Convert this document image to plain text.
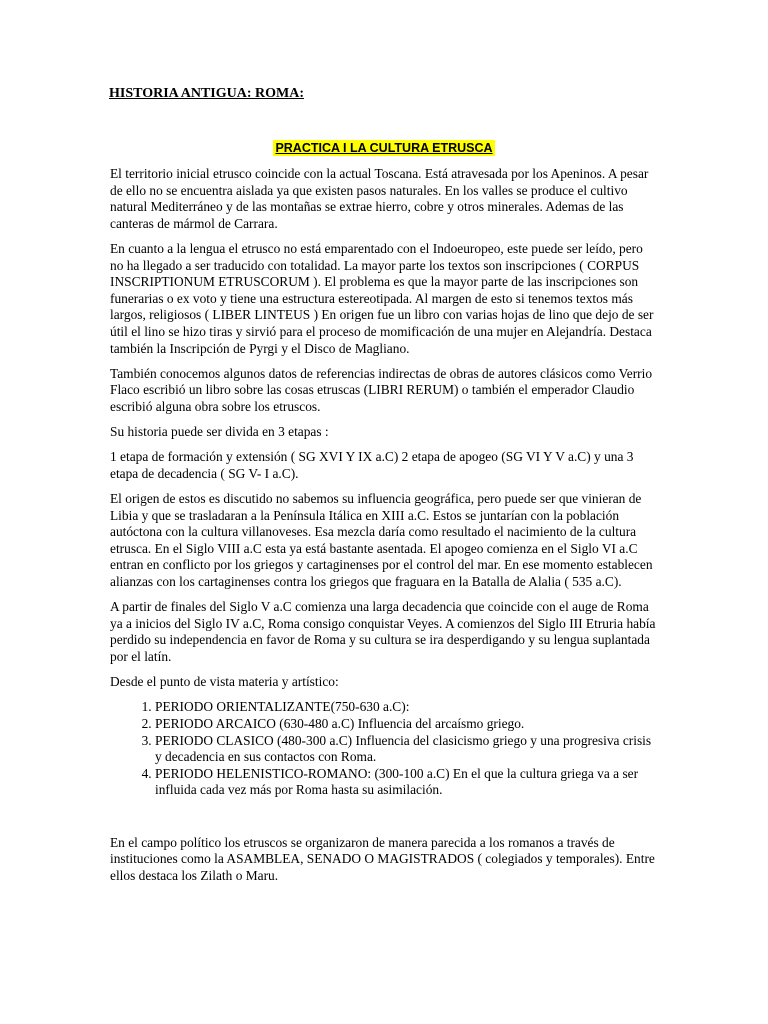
HISTORIA ANTIGUA: ROMA:
PRACTICA I LA CULTURA ETRUSCA

El territorio inicial etrusco coincide con la actual Toscana. Está atravesada por los Apeninos. A pesar de ello no se encuentra aislada ya que existen pasos naturales. En los valles se produce el cultivo natural Mediterráneo y de las montañas se extrae hierro, cobre y otros minerales. Ademas de las canteras de mármol de Carrara.

En cuanto a la lengua el etrusco no está emparentado con el Indoeuropeo, este puede ser leído, pero no ha llegado a ser traducido con totalidad. La mayor parte los textos son inscripciones ( CORPUS INSCRIPTIONUM ETRUSCORUM ). El problema es que la mayor parte de las inscripciones son funerarias o ex voto y tiene una estructura estereotipada. Al margen de esto si tenemos textos más largos, religiosos ( LIBER LINTEUS ) En origen fue un libro con varias hojas de lino que dejo de ser útil el lino se hizo tiras y sirvió para el proceso de momificación de una mujer en Alejandría. Destaca también la Inscripción de Pyrgi y el Disco de Magliano.

También conocemos algunos datos de referencias indirectas de obras de autores clásicos como Verrio Flaco escribió un libro sobre las cosas etruscas (LIBRI RERUM) o también el emperador Claudio escribió alguna obra sobre los etruscos.

Su historia puede ser divida en 3 etapas :

1 etapa de formación y extensión ( SG XVI Y IX a.C) 2 etapa de apogeo (SG VI Y V a.C) y una 3 etapa de decadencia ( SG V- I a.C).

El origen de estos es discutido no sabemos su influencia geográfica, pero puede ser que vinieran de Libia y que se trasladaran a la Península Itálica en XIII a.C. Estos se juntarían con la población autóctona con la cultura villanoveses. Esa mezcla daría como resultado el nacimiento de la cultura etrusca. En el Siglo VIII a.C esta ya está bastante asentada. El apogeo comienza en el Siglo VI a.C entran en conflicto por los griegos y cartaginenses por el control del mar. En ese momento establecen alianzas con los cartaginenses contra los griegos que fraguara en la Batalla de Alalia ( 535 a.C).

A partir de finales del Siglo V a.C comienza una larga decadencia que coincide con el auge de Roma ya a inicios del Siglo IV a.C, Roma consigo conquistar Veyes. A comienzos del Siglo III Etruria había perdido su independencia en favor de Roma y su cultura se ira desperdigando y su lengua suplantada por el latín.

Desde el punto de vista materia y artístico:

1. PERIODO ORIENTALIZANTE(750-630 a.C):
2. PERIODO ARCAICO (630-480 a.C) Influencia del arcaísmo griego.
3. PERIODO CLASICO (480-300 a.C) Influencia del clasicismo griego y una progresiva crisis y decadencia en sus contactos con Roma.
4. PERIODO HELENISTICO-ROMANO: (300-100 a.C) En el que la cultura griega va a ser influida cada vez más por Roma hasta su asimilación.

En el campo político los etruscos se organizaron de manera parecida a los romanos a través de instituciones como la ASAMBLEA, SENADO O MAGISTRADOS ( colegiados y temporales). Entre ellos destaca los Zilath o Maru.
